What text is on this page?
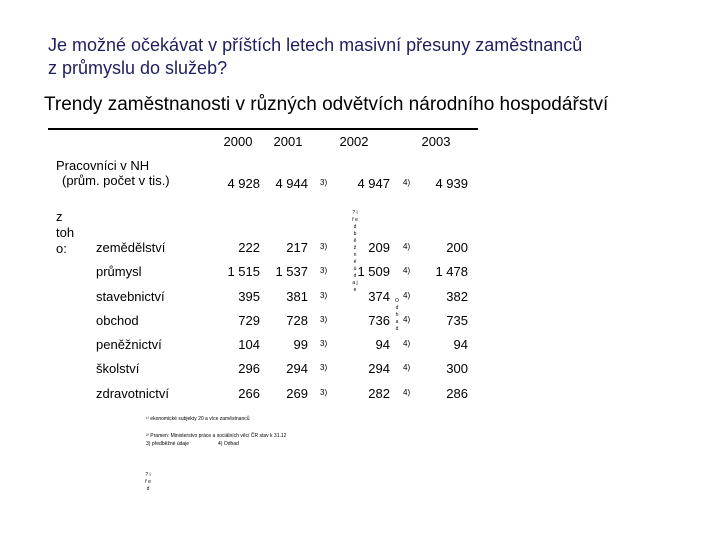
Je možné očekávat v příštích letech masivní přesuny zaměstnanců
z průmyslu do služeb?
Trendy zaměstnanosti v různých odvětvích národního hospodářství
2000	2001	2002	2003
Pracovníci v NH
(prům. počet v tis.)	4 928	4 944 3)	4 947 4)	4 939
z
toh
o:	zemědělství	222	217 3)	209 4)	200
průmysl	1 515	1 537 3)	1 509 4)	1 478
stavebnictví	395	381 3)	374 4)	382
obchod	729	728 3)	736 4)	735
peněžnictví	104	99 3)	94 4)	94
školství	296	294 3)	294 4)	300
zdravotnictví	266	269 3)	282 4)	286
? i ř e d b ě ž n é ú d a j e
O d h a d
? i ř e d
¹⁾ ekonomické subjekty 20 a více zaměstnanců
²⁾ Pramen: Ministerstvo práce a sociálních věcí ČR stav k 31.12
3) předběžné údaje	4) Odhad
